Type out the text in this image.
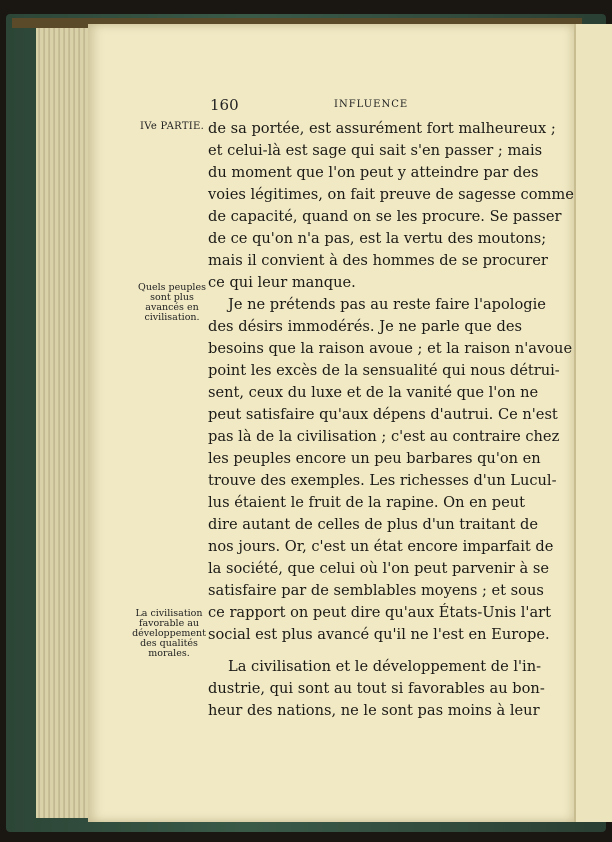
160	INFLUENCE
IVe PARTIE.
Quels peuples
sont plus
avancés en
civilisation.
La civilisation
favorable au
développement
des qualités
morales.
de sa portée, est assurément fort malheureux ;
et celui-là est sage qui sait s'en passer ; mais
du moment que l'on peut y atteindre par des
voies légitimes, on fait preuve de sagesse comme
de capacité, quand on se les procure. Se passer
de ce qu'on n'a pas, est la vertu des moutons;
mais il convient à des hommes de se procurer
ce qui leur manque.
Je ne prétends pas au reste faire l'apologie
des désirs immodérés. Je ne parle que des
besoins que la raison avoue ; et la raison n'avoue
point les excès de la sensualité qui nous détrui-
sent, ceux du luxe et de la vanité que l'on ne
peut satisfaire qu'aux dépens d'autrui. Ce n'est
pas là de la civilisation ; c'est au contraire chez
les peuples encore un peu barbares qu'on en
trouve des exemples. Les richesses d'un Lucul-
lus étaient le fruit de la rapine. On en peut
dire autant de celles de plus d'un traitant de
nos jours. Or, c'est un état encore imparfait de
la société, que celui où l'on peut parvenir à se
satisfaire par de semblables moyens ; et sous
ce rapport on peut dire qu'aux États-Unis l'art
social est plus avancé qu'il ne l'est en Europe.
La civilisation et le développement de l'in-
dustrie, qui sont au tout si favorables au bon-
heur des nations, ne le sont pas moins à leur
